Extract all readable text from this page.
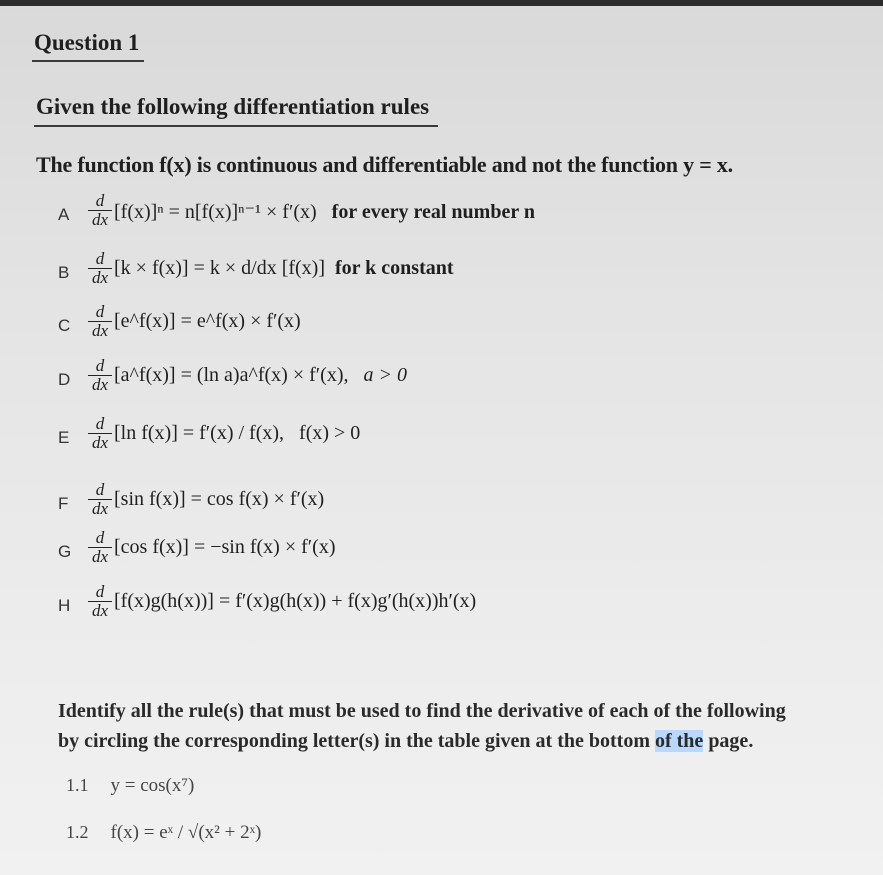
Question 1
Given the following differentiation rules
The function f(x) is continuous and differentiable and not the function y = x.
A $\frac{d}{dx} [f(x)]^n = n[f(x)]^{n-1} \times f'(x)$ for every real number n
B $\frac{d}{dx} [k \times f(x)] = k \times d/dx$ [f(x)] for k constant
C $\frac{d}{dx}$ [e^f(x)] = e^f(x) × f′(x)
D $\frac{d}{dx}$ [a^f(x)] = (ln a)a^f(x) × f′(x), a > 0
E $\frac{d}{dx} [\ln$ f(x)] = f′(x) / f(x), f(x) > 0
F $\frac{d}{dx} [\sin$ f(x)] = cos f(x) × f′(x)
G $\frac{d}{dx} [\cos$ f(x)] = −sin f(x) × f′(x)
H $\frac{d}{dx} [f(x)g(h(x))] = f'(x)g(h(x)) + f(x)g'(h(x))h'(x)$
Identify all the rule(s) that must be used to find the derivative of each of the following
by circling the corresponding letter(s) in the table given at the bottom of the page.
1.1 y = cos(x⁷)
1.2 f(x) = eˣ / √(x² + 2ˣ)
